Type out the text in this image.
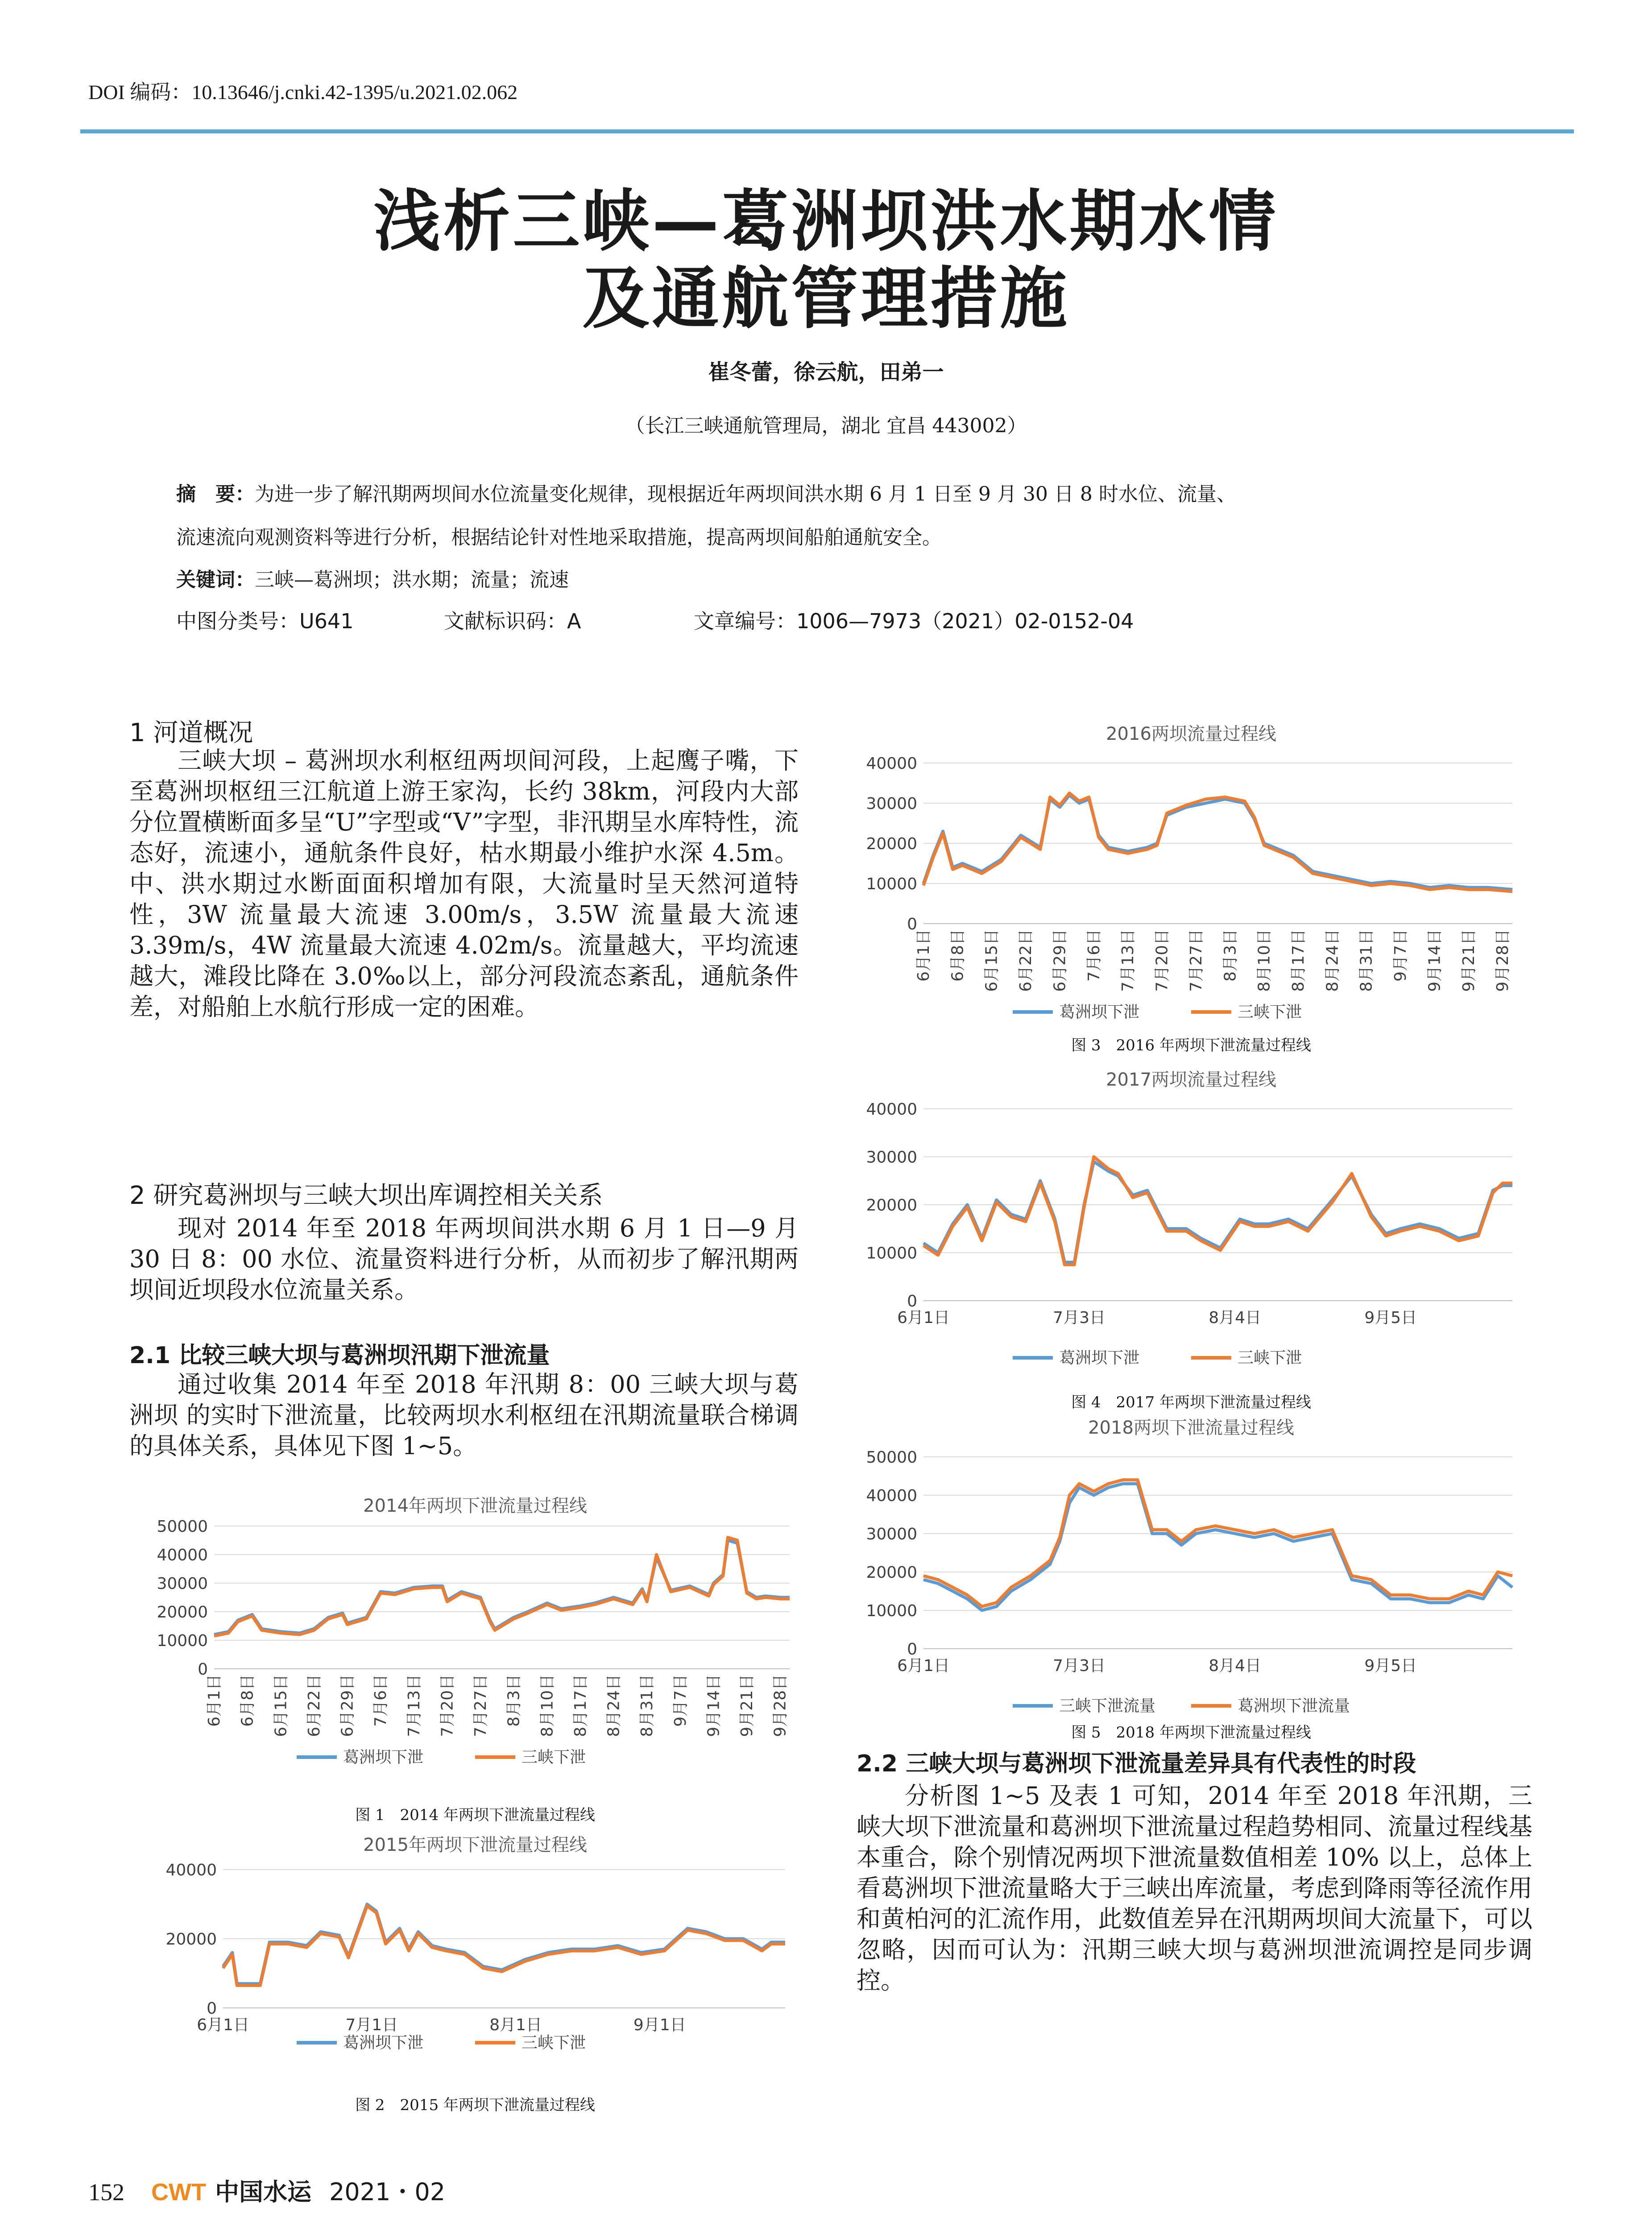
DOI 编码：10.13646/j.cnki.42-1395/u.2021.02.062
浅析三峡—葛洲坝洪水期水情
及通航管理措施
崔冬蕾，徐云航，田弟一
（长江三峡通航管理局，湖北 宜昌 443002）
摘　要：为进一步了解汛期两坝间水位流量变化规律，现根据近年两坝间洪水期 6 月 1 日至 9 月 30 日 8 时水位、流量、
流速流向观测资料等进行分析，根据结论针对性地采取措施，提高两坝间船舶通航安全。
关键词：三峡—葛洲坝；洪水期；流量；流速
中图分类号：U641	文献标识码：A	文章编号：1006—7973（2021）02-0152-04
1 河道概况
三峡大坝 – 葛洲坝水利枢纽两坝间河段，上起鹰子嘴，下至葛洲坝枢纽三江航道上游王家沟，长约 38km，河段内大部分位置横断面多呈“U”字型或“V”字型，非汛期呈水库特性，流态好，流速小，通航条件良好，枯水期最小维护水深 4.5m。中、洪水期过水断面面积增加有限，大流量时呈天然河道特性，3W 流量最大流速 3.00m/s，3.5W 流量最大流速 3.39m/s，4W 流量最大流速 4.02m/s。流量越大，平均流速越大，滩段比降在 3.0‰以上，部分河段流态紊乱，通航条件差，对船舶上水航行形成一定的困难。
2 研究葛洲坝与三峡大坝出库调控相关关系
现对 2014 年至 2018 年两坝间洪水期 6 月 1 日—9 月 30 日 8：00 水位、流量资料进行分析，从而初步了解汛期两坝间近坝段水位流量关系。
2.1 比较三峡大坝与葛洲坝汛期下泄流量
通过收集 2014 年至 2018 年汛期 8：00 三峡大坝与葛洲坝 的实时下泄流量，比较两坝水利枢纽在汛期流量联合梯调的具体关系，具体见下图 1~5。
2.2 三峡大坝与葛洲坝下泄流量差异具有代表性的时段
分析图 1~5 及表 1 可知，2014 年至 2018 年汛期，三峡大坝下泄流量和葛洲坝下泄流量过程趋势相同、流量过程线基本重合，除个别情况两坝下泄流量数值相差 10% 以上，总体上看葛洲坝下泄流量略大于三峡出库流量，考虑到降雨等径流作用和黄柏河的汇流作用，此数值差异在汛期两坝间大流量下，可以忽略，因而可认为：汛期三峡大坝与葛洲坝泄流调控是同步调控。
2014年两坝下泄流量过程线
0
10000
20000
30000
40000
50000
6月1日 6月8日 6月15日 6月22日 6月29日 7月6日 7月13日 7月20日 7月27日 8月3日 8月10日 8月17日 8月24日 8月31日 9月7日 9月14日 9月21日 9月28日
葛洲坝下泄	三峡下泄
图 1　2014 年两坝下泄流量过程线
2015年两坝下泄流量过程线
0
20000
40000
6月1日	7月1日	8月1日	9月1日
葛洲坝下泄	三峡下泄
图 2　2015 年两坝下泄流量过程线
2016两坝流量过程线
0
10000
20000
30000
40000
6月1日 6月8日 6月15日 6月22日 6月29日 7月6日 7月13日 7月20日 7月27日 8月3日 8月10日 8月17日 8月24日 8月31日 9月7日 9月14日 9月21日 9月28日
葛洲坝下泄	三峡下泄
图 3　2016 年两坝下泄流量过程线
2017两坝流量过程线
0
10000
20000
30000
40000
6月1日	7月3日	8月4日	9月5日
葛洲坝下泄	三峡下泄
图 4　2017 年两坝下泄流量过程线
2018两坝下泄流量过程线
0
10000
20000
30000
40000
50000
6月1日	7月3日	8月4日	9月5日
三峡下泄流量	葛洲坝下泄流量
图 5　2018 年两坝下泄流量过程线
152 CWT 中国水运 2021・02
